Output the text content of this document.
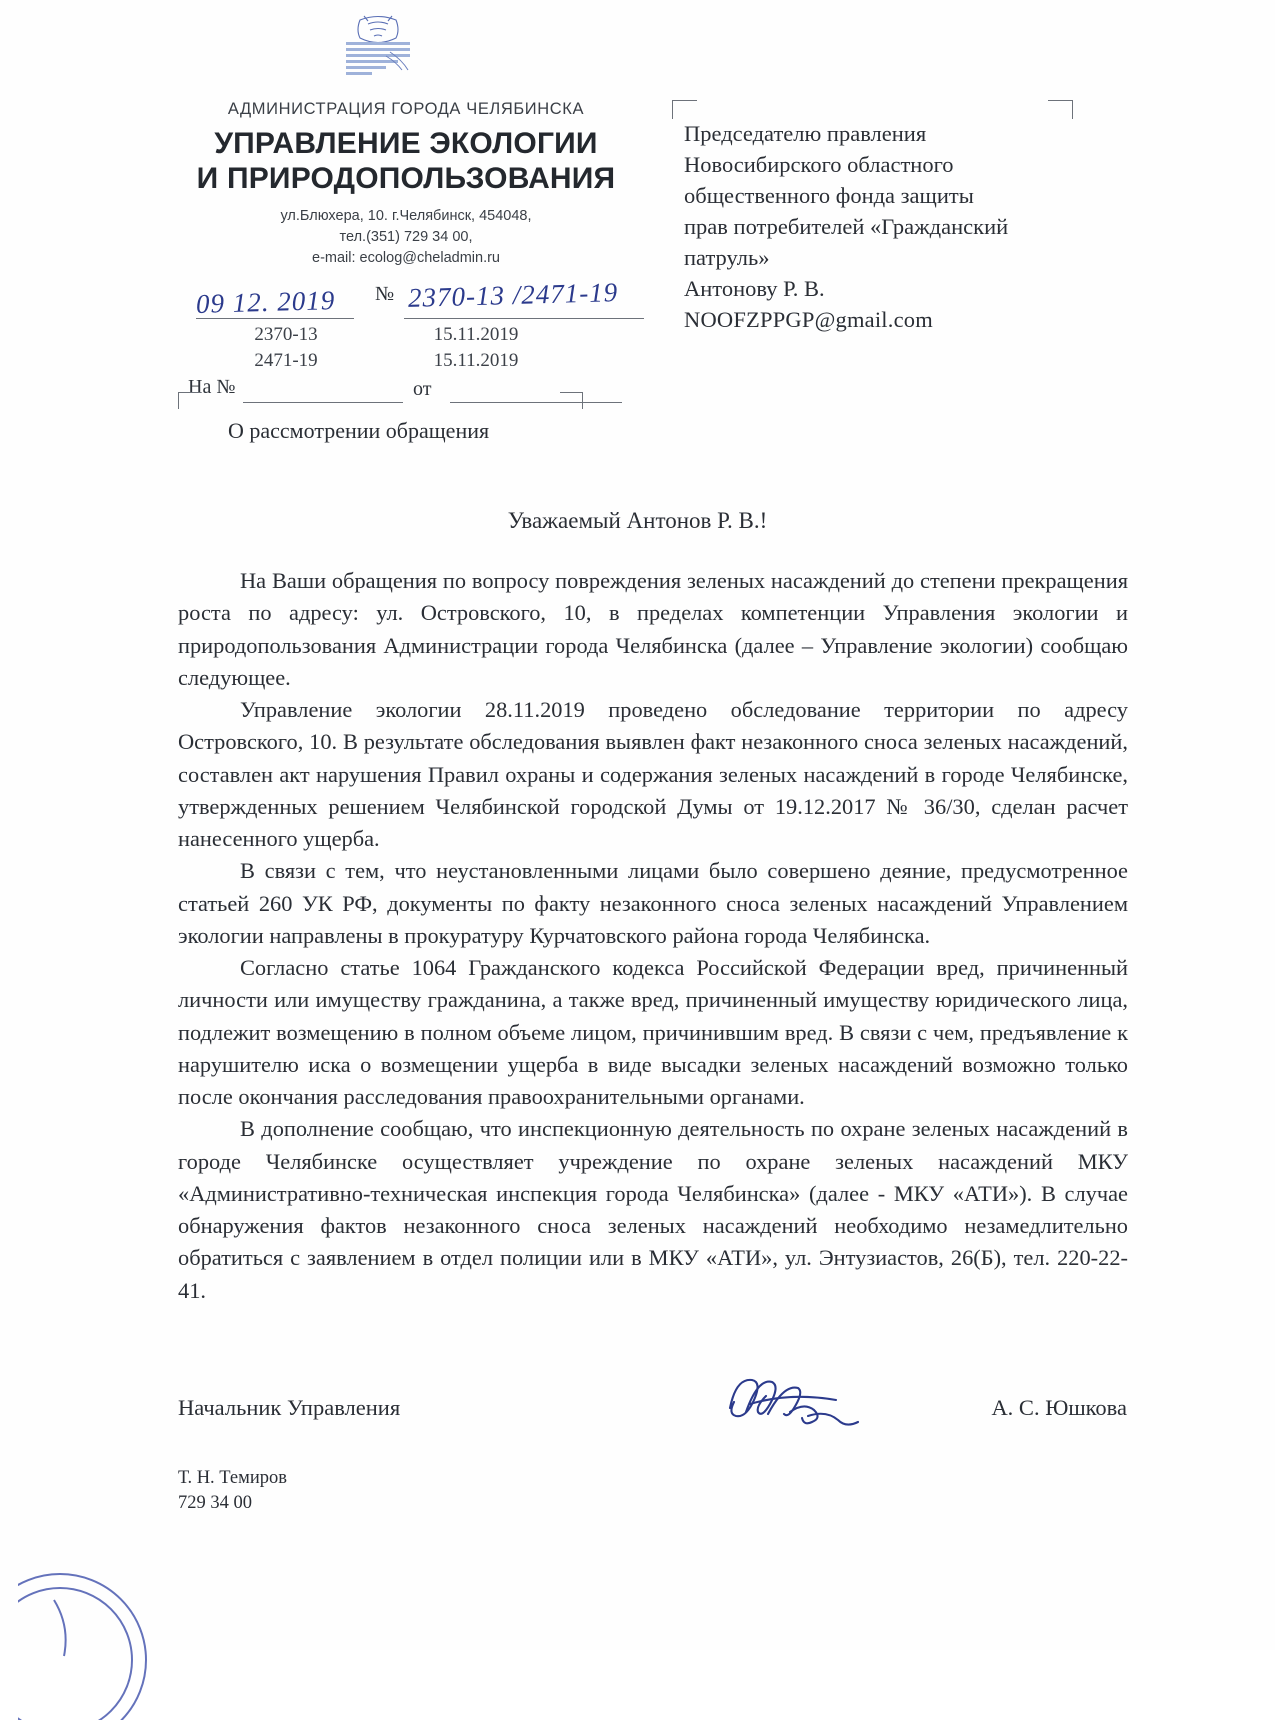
АДМИНИСТРАЦИЯ ГОРОДА ЧЕЛЯБИНСКА
УПРАВЛЕНИЕ ЭКОЛОГИИ
И ПРИРОДОПОЛЬЗОВАНИЯ
ул.Блюхера, 10. г.Челябинск, 454048,
тел.(351) 729 34 00,
e-mail: ecolog@cheladmin.ru
09 12. 2019 № 2370-13 /2471-19
2370-13	15.11.2019
2471-19	15.11.2019
На №	от
Председателю правления
Новосибирского областного
общественного фонда защиты
прав потребителей «Гражданский
патруль»
Антонову Р. В.
NOOFZPPGP@gmail.com
О рассмотрении обращения
Уважаемый Антонов Р. В.!

На Ваши обращения по вопросу повреждения зеленых насаждений до степени прекращения роста по адресу: ул. Островского, 10, в пределах компетенции Управления экологии и природопользования Администрации города Челябинска (далее – Управление экологии) сообщаю следующее.

Управление экологии 28.11.2019 проведено обследование территории по адресу Островского, 10. В результате обследования выявлен факт незаконного сноса зеленых насаждений, составлен акт нарушения Правил охраны и содержания зеленых насаждений в городе Челябинске, утвержденных решением Челябинской городской Думы от 19.12.2017 № 36/30, сделан расчет нанесенного ущерба.

В связи с тем, что неустановленными лицами было совершено деяние, предусмотренное статьей 260 УК РФ, документы по факту незаконного сноса зеленых насаждений Управлением экологии направлены в прокуратуру Курчатовского района города Челябинска.

Согласно статье 1064 Гражданского кодекса Российской Федерации вред, причиненный личности или имуществу гражданина, а также вред, причиненный имуществу юридического лица, подлежит возмещению в полном объеме лицом, причинившим вред. В связи с чем, предъявление к нарушителю иска о возмещении ущерба в виде высадки зеленых насаждений возможно только после окончания расследования правоохранительными органами.

В дополнение сообщаю, что инспекционную деятельность по охране зеленых насаждений в городе Челябинске осуществляет учреждение по охране зеленых насаждений МКУ «Административно-техническая инспекция города Челябинска» (далее - МКУ «АТИ»). В случае обнаружения фактов незаконного сноса зеленых насаждений необходимо незамедлительно обратиться с заявлением в отдел полиции или в МКУ «АТИ», ул. Энтузиастов, 26(Б), тел. 220-22-41.

Начальник Управления	А. С. Юшкова
Т. Н. Темиров
729 34 00
